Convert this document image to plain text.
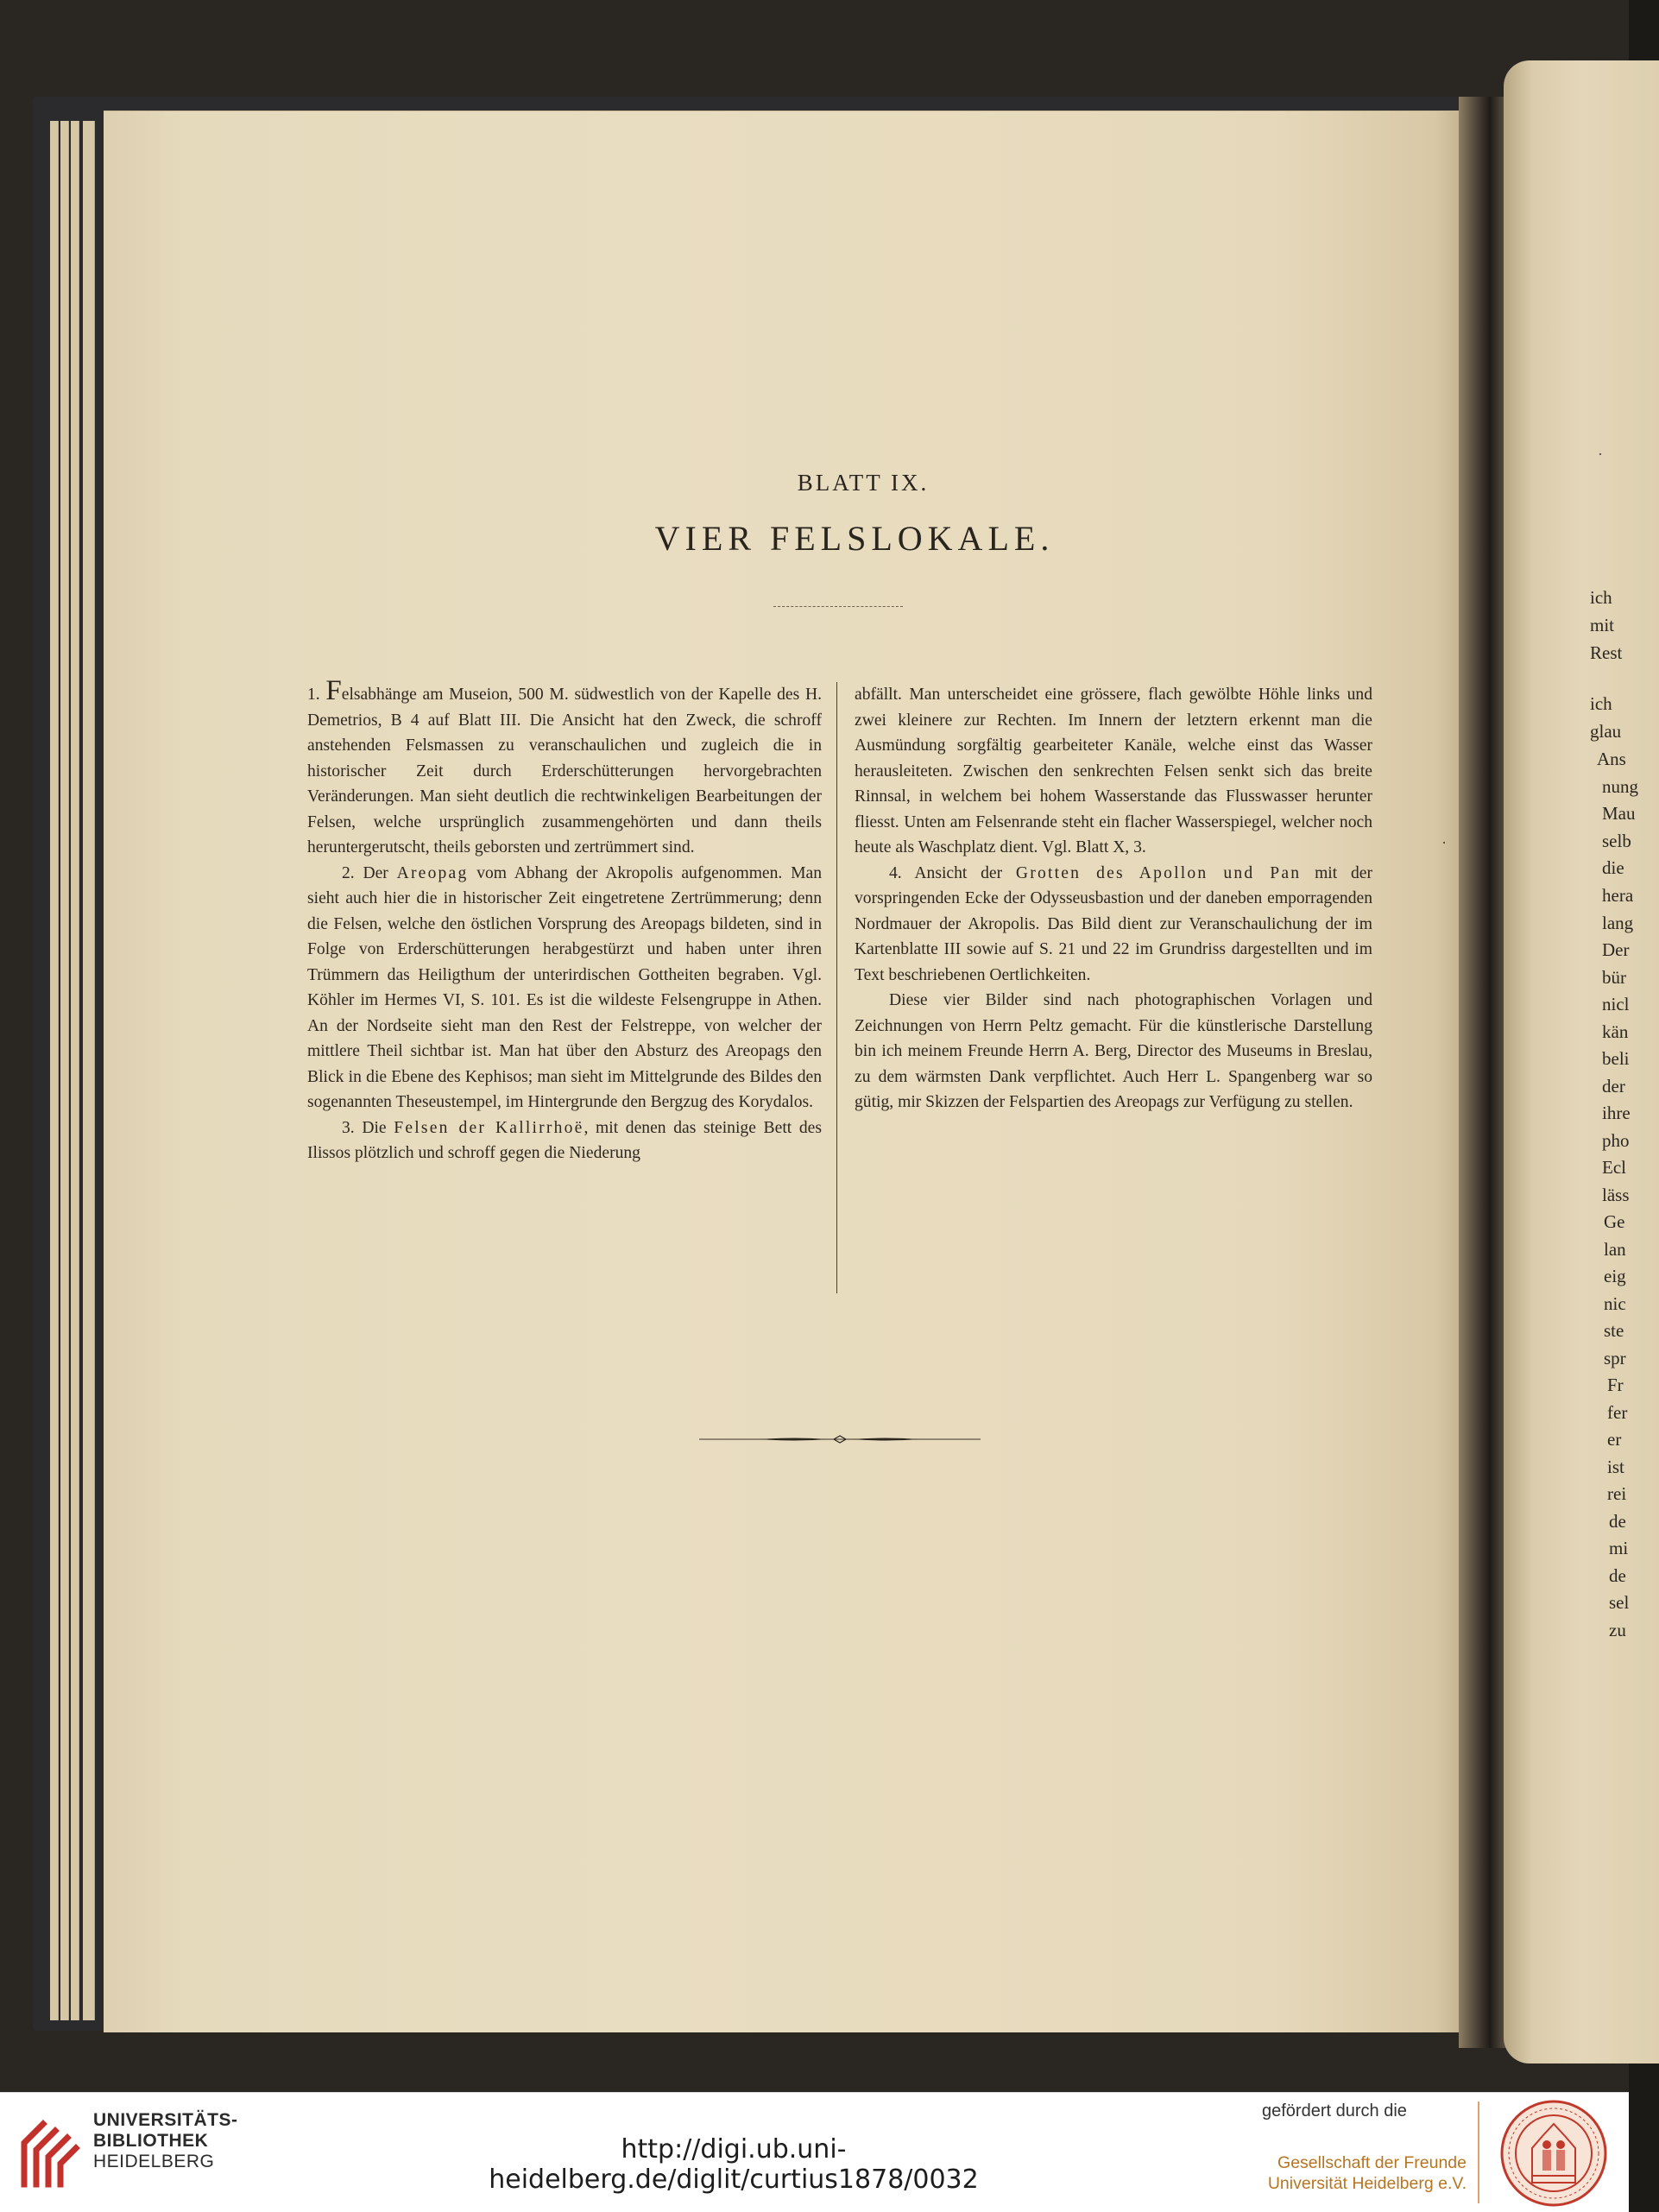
ich
mit
Rest
ich
glau
Ans
nung
Mau
selb
die
hera
lang
Der
bür
nicl
kän
beli
der
ihre
pho
Ecl
läss
Ge
lan
eig
nic
ste
spr
Fr
fer
er
ist
rei
de
mi
de
sel
zu
BLATT IX.
VIER FELSLOKALE.

1. Felsabhänge am Museion, 500 M. südwestlich von der Kapelle des H. Demetrios, B 4 auf Blatt III. Die Ansicht hat den Zweck, die schroff anstehenden Felsmassen zu veranschaulichen und zugleich die in historischer Zeit durch Erderschütterungen hervorgebrachten Veränderungen. Man sieht deutlich die rechtwinkeligen Bearbeitungen der Felsen, welche ursprünglich zusammengehörten und dann theils heruntergerutscht, theils geborsten und zertrümmert sind.

2. Der Areopag vom Abhang der Akropolis aufgenommen. Man sieht auch hier die in historischer Zeit eingetretene Zertrümmerung; denn die Felsen, welche den östlichen Vorsprung des Areopags bildeten, sind in Folge von Erderschütterungen herabgestürzt und haben unter ihren Trümmern das Heiligthum der unterirdischen Gottheiten begraben. Vgl. Köhler im Hermes VI, S. 101. Es ist die wildeste Felsengruppe in Athen. An der Nordseite sieht man den Rest der Felstreppe, von welcher der mittlere Theil sichtbar ist. Man hat über den Absturz des Areopags den Blick in die Ebene des Kephisos; man sieht im Mittelgrunde des Bildes den sogenannten Theseustempel, im Hintergrunde den Bergzug des Korydalos.

3. Die Felsen der Kallirrhoë, mit denen das steinige Bett des Ilissos plötzlich und schroff gegen die Niederung

abfällt. Man unterscheidet eine grössere, flach gewölbte Höhle links und zwei kleinere zur Rechten. Im Innern der letztern erkennt man die Ausmündung sorgfältig gearbeiteter Kanäle, welche einst das Wasser herausleiteten. Zwischen den senkrechten Felsen senkt sich das breite Rinnsal, in welchem bei hohem Wasserstande das Flusswasser herunter fliesst. Unten am Felsenrande steht ein flacher Wasserspiegel, welcher noch heute als Waschplatz dient. Vgl. Blatt X, 3.

4. Ansicht der Grotten des Apollon und Pan mit der vorspringenden Ecke der Odysseusbastion und der daneben emporragenden Nordmauer der Akropolis. Das Bild dient zur Veranschaulichung der im Kartenblatte III sowie auf S. 21 und 22 im Grundriss dargestellten und im Text beschriebenen Oertlichkeiten.

Diese vier Bilder sind nach photographischen Vorlagen und Zeichnungen von Herrn Peltz gemacht. Für die künstlerische Darstellung bin ich meinem Freunde Herrn A. Berg, Director des Museums in Breslau, zu dem wärmsten Dank verpflichtet. Auch Herr L. Spangenberg war so gütig, mir Skizzen der Felspartien des Areopags zur Verfügung zu stellen.

UNIVERSITÄTS-
BIBLIOTHEK
HEIDELBERG	http://digi.ub.uni-heidelberg.de/diglit/curtius1878/0032
gefördert durch die
Gesellschaft der Freunde
Universität Heidelberg e.V.
